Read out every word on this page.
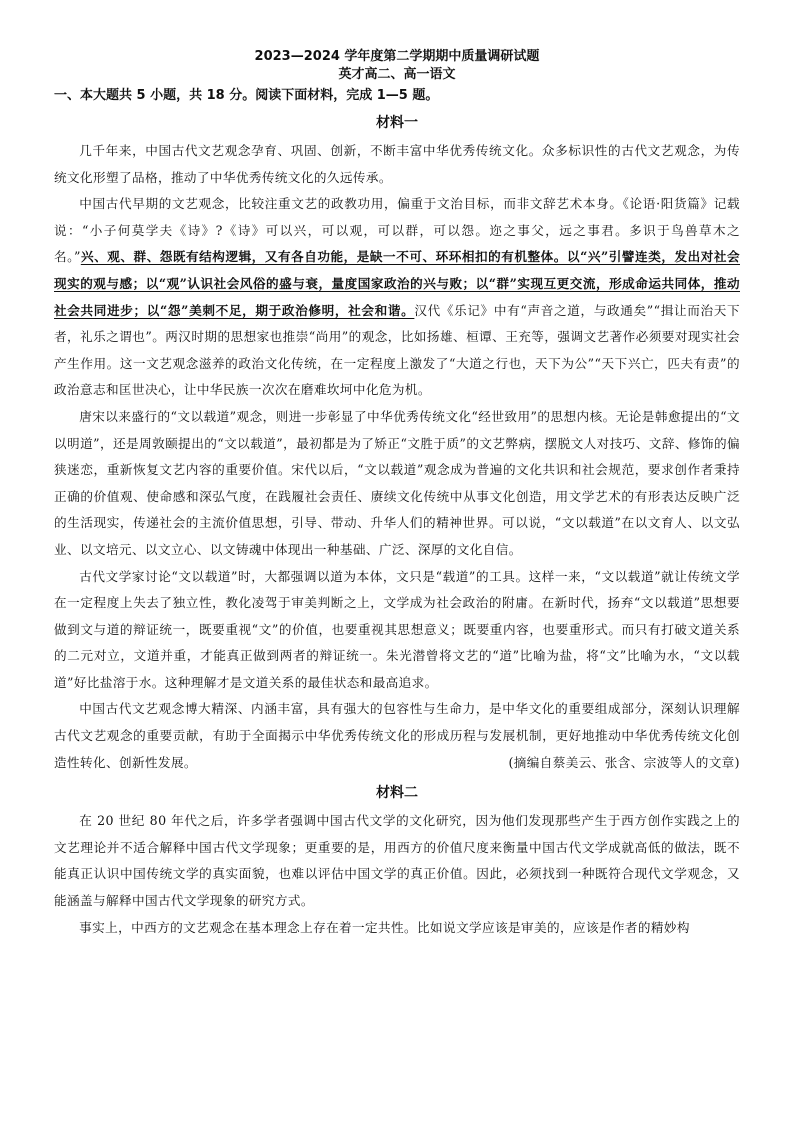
2023—2024 学年度第二学期期中质量调研试题
英才高二、高一语文
一、本大题共 5 小题，共 18 分。阅读下面材料，完成 1—5 题。
材料一

几千年来，中国古代文艺观念孕育、巩固、创新，不断丰富中华优秀传统文化。众多标识性的古代文艺观念，为传统文化形塑了品格，推动了中华优秀传统文化的久远传承。

中国古代早期的文艺观念，比较注重文艺的政教功用，偏重于文治目标，而非文辞艺术本身。《论语·阳货篇》记载说：“小子何莫学夫《诗》?《诗》可以兴，可以观，可以群，可以怨。迩之事父，远之事君。多识于鸟兽草木之名。”兴、观、群、怨既有结构逻辑，又有各自功能，是缺一不可、环环相扣的有机整体。以“兴”引譬连类，发出对社会现实的观与感；以“观”认识社会风俗的盛与衰，量度国家政治的兴与败；以“群”实现互更交流，形成命运共同体，推动社会共同进步；以“怨”美刺不足，期于政治修明，社会和谐。汉代《乐记》中有“声音之道，与政通矣”“揖让而治天下者，礼乐之谓也”。两汉时期的思想家也推崇“尚用”的观念，比如扬雄、桓谭、王充等，强调文艺著作必须要对现实社会产生作用。这一文艺观念滋养的政治文化传统，在一定程度上激发了“大道之行也，天下为公”“天下兴亡，匹夫有责”的政治意志和匡世决心，让中华民族一次次在磨难坎坷中化危为机。

唐宋以来盛行的“文以载道”观念，则进一步彰显了中华优秀传统文化“经世致用”的思想内核。无论是韩愈提出的“文以明道”，还是周敦颐提出的“文以载道”，最初都是为了矫正“文胜于质”的文艺弊病，摆脱文人对技巧、文辞、修饰的偏狭迷恋，重新恢复文艺内容的重要价值。宋代以后，“文以载道”观念成为普遍的文化共识和社会规范，要求创作者秉持正确的价值观、使命感和深弘气度，在践履社会责任、赓续文化传统中从事文化创造，用文学艺术的有形表达反映广泛的生活现实，传递社会的主流价值思想，引导、带动、升华人们的精神世界。可以说，“文以载道”在以文育人、以文弘业、以文培元、以文立心、以文铸魂中体现出一种基础、广泛、深厚的文化自信。

古代文学家讨论“文以载道”时，大都强调以道为本体，文只是“载道”的工具。这样一来，“文以载道”就让传统文学在一定程度上失去了独立性，教化凌驾于审美判断之上，文学成为社会政治的附庸。在新时代，扬弃“文以载道”思想要做到文与道的辩证统一，既要重视“文”的价值，也要重视其思想意义；既要重内容，也要重形式。而只有打破文道关系的二元对立，文道并重，才能真正做到两者的辩证统一。朱光潜曾将文艺的“道”比喻为盐，将“文”比喻为水，“文以载道”好比盐溶于水。这种理解才是文道关系的最佳状态和最高追求。

中国古代文艺观念博大精深、内涵丰富，具有强大的包容性与生命力，是中华文化的重要组成部分，深刻认识理解古代文艺观念的重要贡献，有助于全面揭示中华优秀传统文化的形成历程与发展机制，更好地推动中华优秀传统文化创造性转化、创新性发展。	(摘编自蔡美云、张含、宗波等人的文章)

材料二

在 20 世纪 80 年代之后，许多学者强调中国古代文学的文化研究，因为他们发现那些产生于西方创作实践之上的文艺理论并不适合解释中国古代文学现象；更重要的是，用西方的价值尺度来衡量中国古代文学成就高低的做法，既不能真正认识中国传统文学的真实面貌，也难以评估中国文学的真正价值。因此，必须找到一种既符合现代文学观念，又能涵盖与解释中国古代文学现象的研究方式。

事实上，中西方的文艺观念在基本理念上存在着一定共性。比如说文学应该是审美的，应该是作者的精妙构
